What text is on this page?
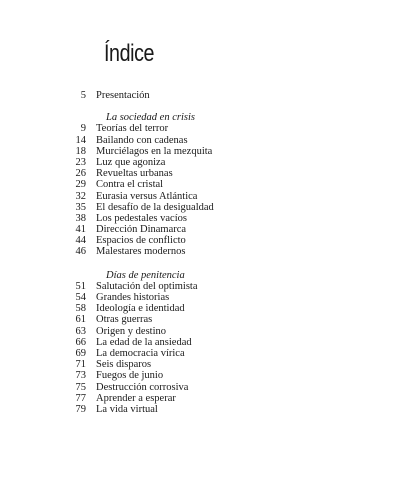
Índice
5 Presentación
La sociedad en crisis
9 Teorías del terror
14 Bailando con cadenas
18 Murciélagos en la mezquita
23 Luz que agoniza
26 Revueltas urbanas
29 Contra el cristal
32 Eurasia versus Atlántica
35 El desafío de la desigualdad
38 Los pedestales vacíos
41 Dirección Dinamarca
44 Espacios de conflicto
46 Malestares modernos
Días de penitencia
51 Salutación del optimista
54 Grandes historias
58 Ideología e identidad
61 Otras guerras
63 Origen y destino
66 La edad de la ansiedad
69 La democracia vírica
71 Seis disparos
73 Fuegos de junio
75 Destrucción corrosiva
77 Aprender a esperar
79 La vida virtual
